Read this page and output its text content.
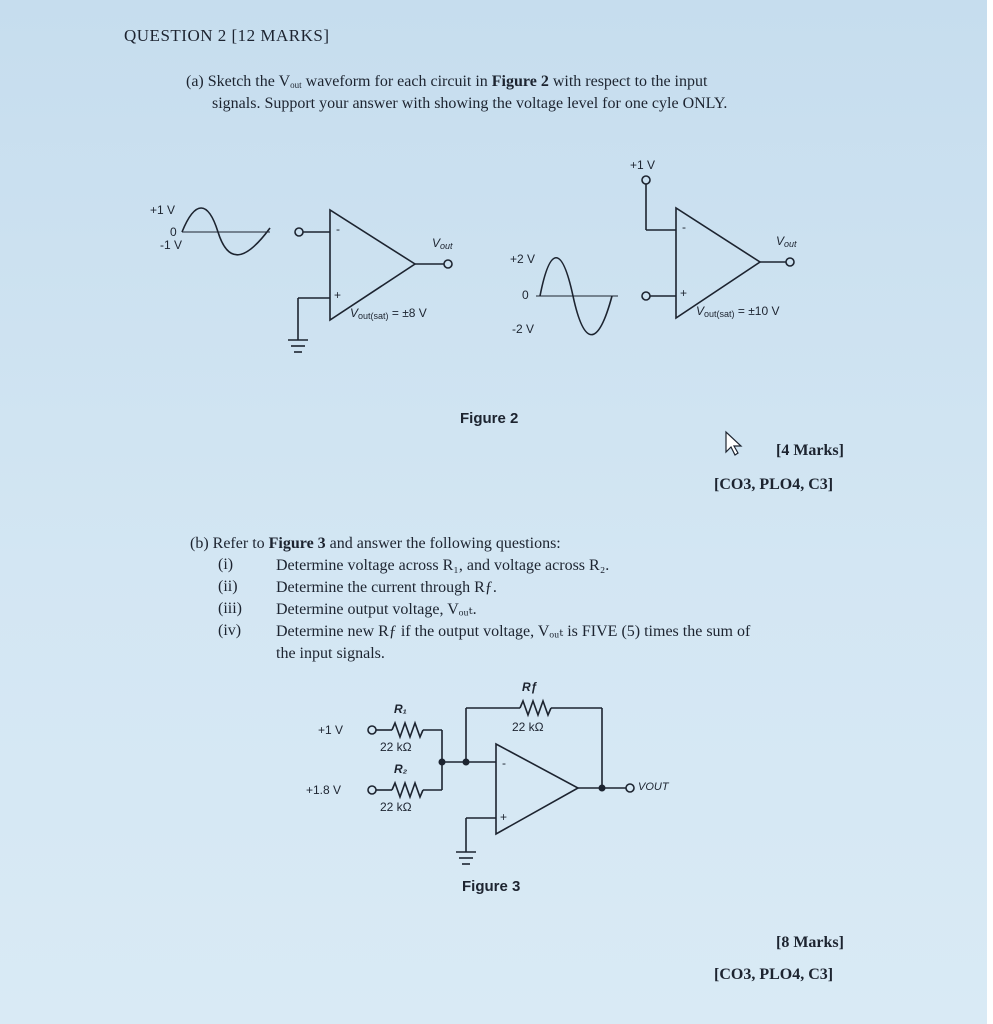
QUESTION 2 [12 MARKS]
(a) Sketch the $V_{out}$ waveform for each circuit in Figure 2 with respect to the input
signals. Support your answer with showing the voltage level for one cyle ONLY.
+1 V
0
-1 V
-
+
$V_{out}$
$V_{out(sat)} = \pm 8$ V
+1 V
+2 V
0
-2 V
-
+
$V_{out}$
$V_{out(sat)} = \pm 10$ V
Figure 2
[4 Marks]
[CO3, PLO4, C3]
(b) Refer to Figure 3 and answer the following questions:
(i)	Determine voltage across R₁, and voltage across R₂.
(ii) Determine the current through Rƒ.
(iii) Determine output voltage, Vₒᵤₜ.
(iv) Determine new Rƒ if the output voltage, Vₒᵤₜ is FIVE (5) times the sum of
the input signals.
Rƒ
22 kΩ
R₁
22 kΩ
R₂
22 kΩ
+1 V
+1.8 V
-
+
VOUT
Figure 3
[8 Marks]
[CO3, PLO4, C3]
